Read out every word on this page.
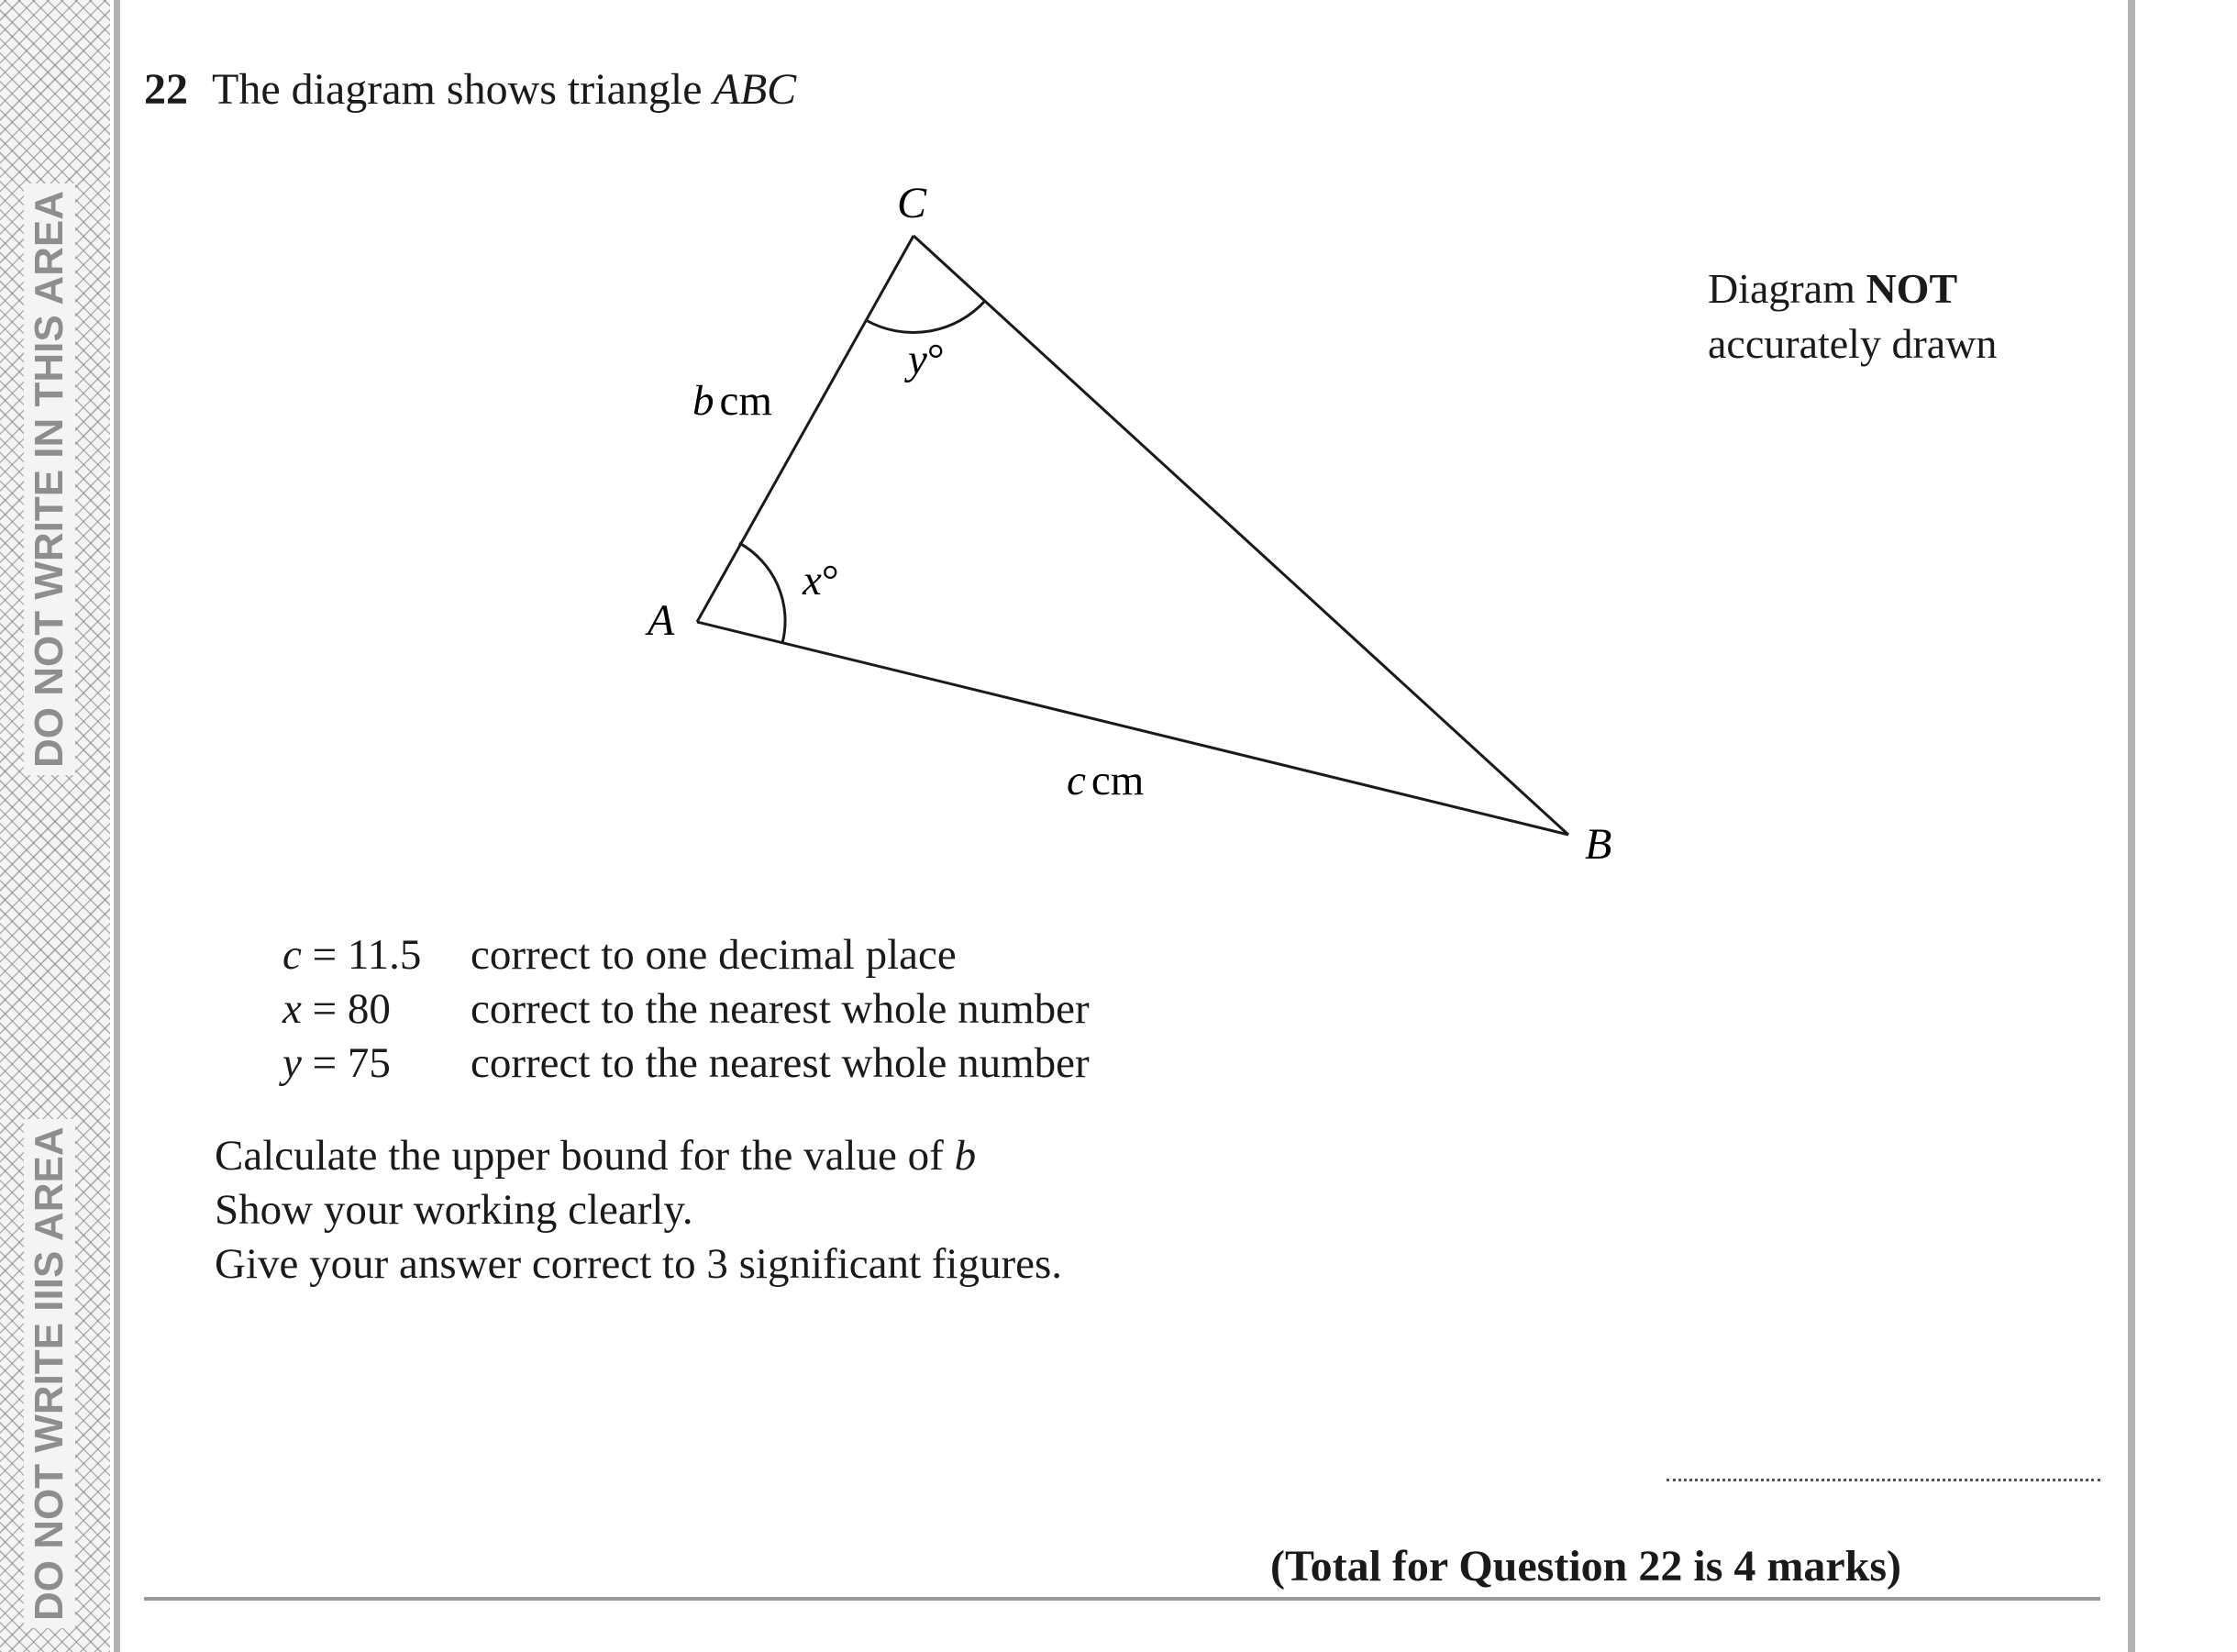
DO NOT WRITE IN THIS AREA
DO NOT WRITE IIIS AREA
22 The diagram shows triangle ABC
C
A
B
b cm
c cm
x°
y°
Diagram NOT
accurately drawn
c = 11.5	correct to one decimal place
x = 80	correct to the nearest whole number
y = 75	correct to the nearest whole number
Calculate the upper bound for the value of b
Show your working clearly.
Give your answer correct to 3 significant figures.
(Total for Question 22 is 4 marks)
